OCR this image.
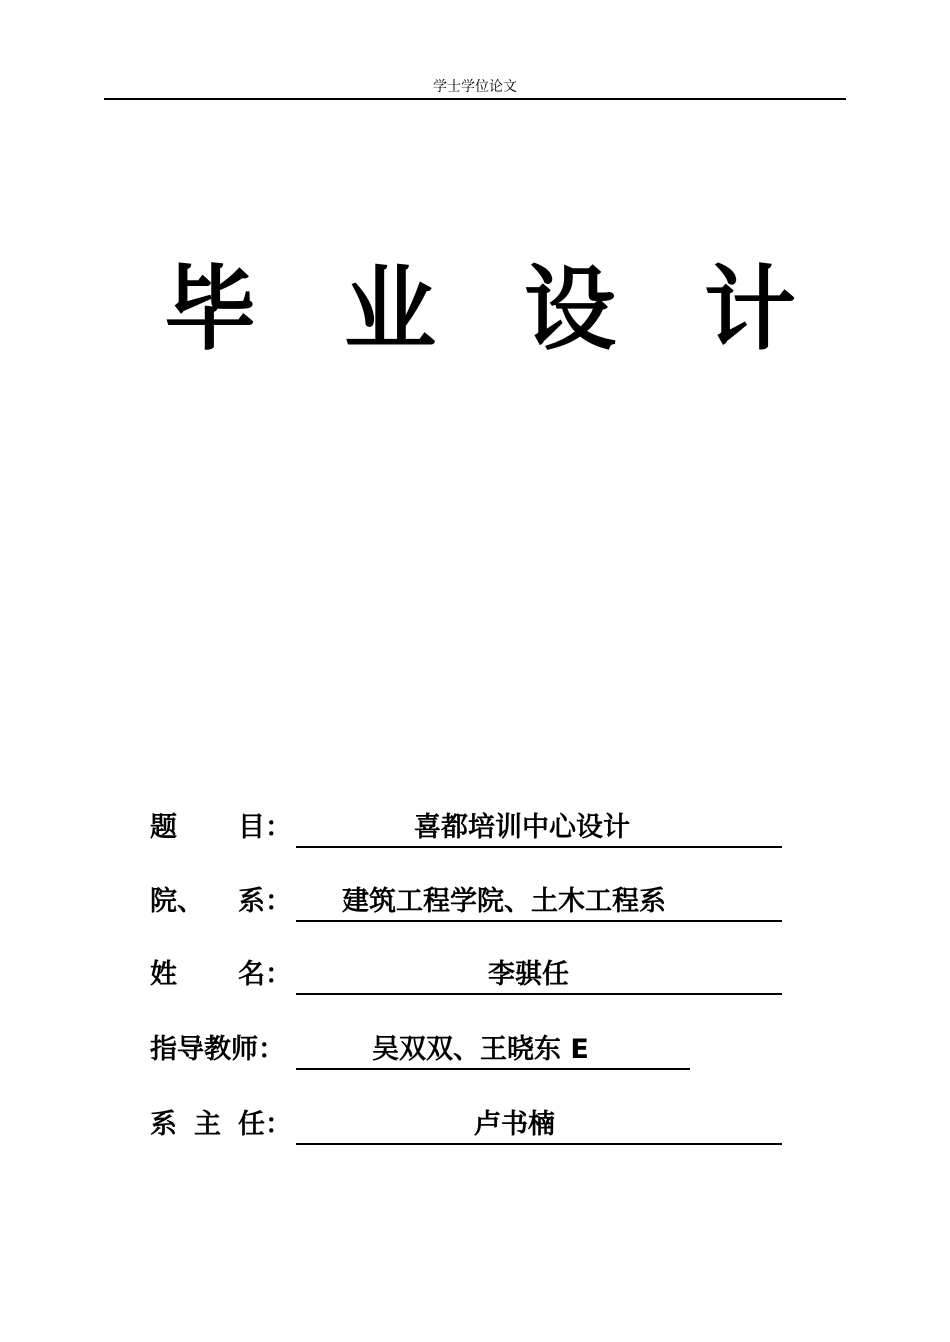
学士学位论文
毕 业 设 计
题 目：	喜都培训中心设计
院、 系： 建筑工程学院、土木工程系
姓 名：	李骐任
指导教师：	吴双双、王晓东 E
系 主 任：	卢书楠
